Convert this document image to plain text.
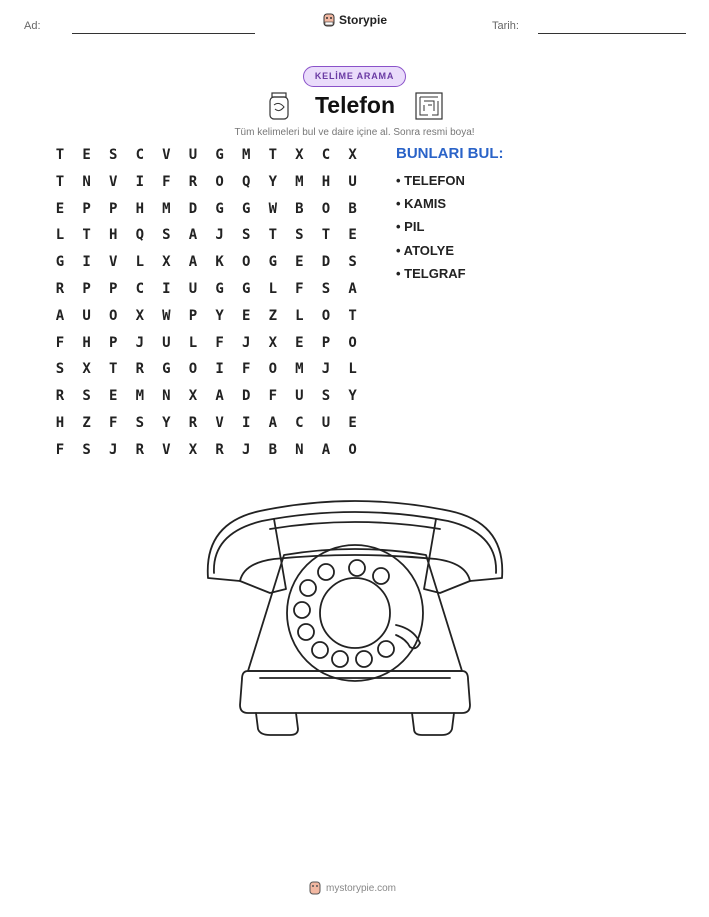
Ad:	Storypie	Tarih:
KELİME ARAMA
Telefon
Tüm kelimeleri bul ve daire içine al. Sonra resmi boya!
T	E	S	C	V	U	G	M	T	X	C	X
T	N	V	I	F	R	O	Q	Y	M	H	U
E	P	P	H	M	D	G	G	W	B	O	B
L	T	H	Q	S	A	J	S	T	S	T	E
G	I	V	L	X	A	K	O	G	E	D	S
R	P	P	C	I	U	G	G	L	F	S	A
A	U	O	X	W	P	Y	E	Z	L	O	T
F	H	P	J	U	L	F	J	X	E	P	O
S	X	T	R	G	O	I	F	O	M	J	L
R	S	E	M	N	X	A	D	F	U	S	Y
H	Z	F	S	Y	R	V	I	A	C	U	E
F	S	J	R	V	X	R	J	B	N	A	O
BUNLARI BUL:
• TELEFON
• KAMIS
• PIL
• ATOLYE
• TELGRAF
mystorypie.com
